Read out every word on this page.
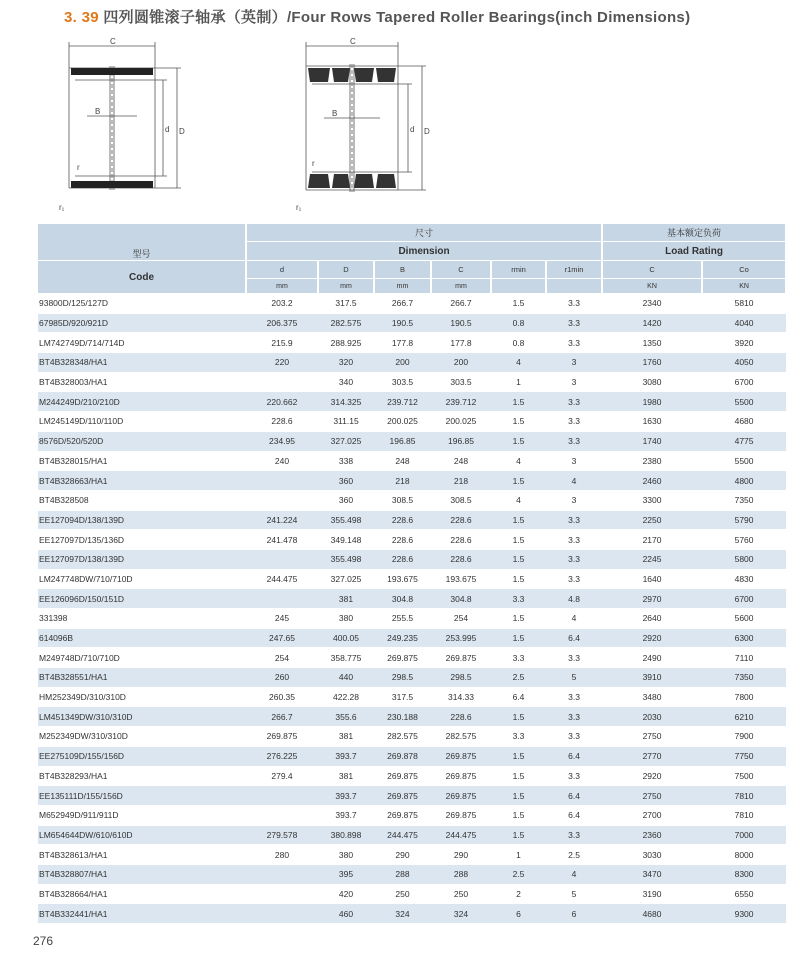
3. 39 四列圆锥滚子轴承（英制）/Four Rows Tapered Roller Bearings(inch Dimensions)
C
B
d D
r
r₁
C
B
d D
r
r₁
型号	尺寸						基本额定负荷	
	Dimension						Load Rating	
Code	d	D	B	C	rmin	r1min	C	Co
	mm	mm	mm	mm			KN	KN
93800D/125/127D	203.2	317.5	266.7	266.7	1.5	3.3	2340	5810
67985D/920/921D	206.375	282.575	190.5	190.5	0.8	3.3	1420	4040
LM742749D/714/714D	215.9	288.925	177.8	177.8	0.8	3.3	1350	3920
BT4B328348/HA1	220	320	200	200	4	3	1760	4050
BT4B328003/HA1		340	303.5	303.5	1	3	3080	6700
M244249D/210/210D	220.662	314.325	239.712	239.712	1.5	3.3	1980	5500
LM245149D/110/110D	228.6	311.15	200.025	200.025	1.5	3.3	1630	4680
8576D/520/520D	234.95	327.025	196.85	196.85	1.5	3.3	1740	4775
BT4B328015/HA1	240	338	248	248	4	3	2380	5500
BT4B328663/HA1		360	218	218	1.5	4	2460	4800
BT4B328508		360	308.5	308.5	4	3	3300	7350
EE127094D/138/139D	241.224	355.498	228.6	228.6	1.5	3.3	2250	5790
EE127097D/135/136D	241.478	349.148	228.6	228.6	1.5	3.3	2170	5760
EE127097D/138/139D		355.498	228.6	228.6	1.5	3.3	2245	5800
LM247748DW/710/710D	244.475	327.025	193.675	193.675	1.5	3.3	1640	4830
EE126096D/150/151D		381	304.8	304.8	3.3	4.8	2970	6700
331398	245	380	255.5	254	1.5	4	2640	5600
614096B	247.65	400.05	249.235	253.995	1.5	6.4	2920	6300
M249748D/710/710D	254	358.775	269.875	269.875	3.3	3.3	2490	7110
BT4B328551/HA1	260	440	298.5	298.5	2.5	5	3910	7350
HM252349D/310/310D	260.35	422.28	317.5	314.33	6.4	3.3	3480	7800
LM451349DW/310/310D	266.7	355.6	230.188	228.6	1.5	3.3	2030	6210
M252349DW/310/310D	269.875	381	282.575	282.575	3.3	3.3	2750	7900
EE275109D/155/156D	276.225	393.7	269.878	269.875	1.5	6.4	2770	7750
BT4B328293/HA1	279.4	381	269.875	269.875	1.5	3.3	2920	7500
EE135111D/155/156D		393.7	269.875	269.875	1.5	6.4	2750	7810
M652949D/911/911D		393.7	269.875	269.875	1.5	6.4	2700	7810
LM654644DW/610/610D	279.578	380.898	244.475	244.475	1.5	3.3	2360	7000
BT4B328613/HA1	280	380	290	290	1	2.5	3030	8000
BT4B328807/HA1		395	288	288	2.5	4	3470	8300
BT4B328664/HA1		420	250	250	2	5	3190	6550
BT4B332441/HA1		460	324	324	6	6	4680	9300
276
